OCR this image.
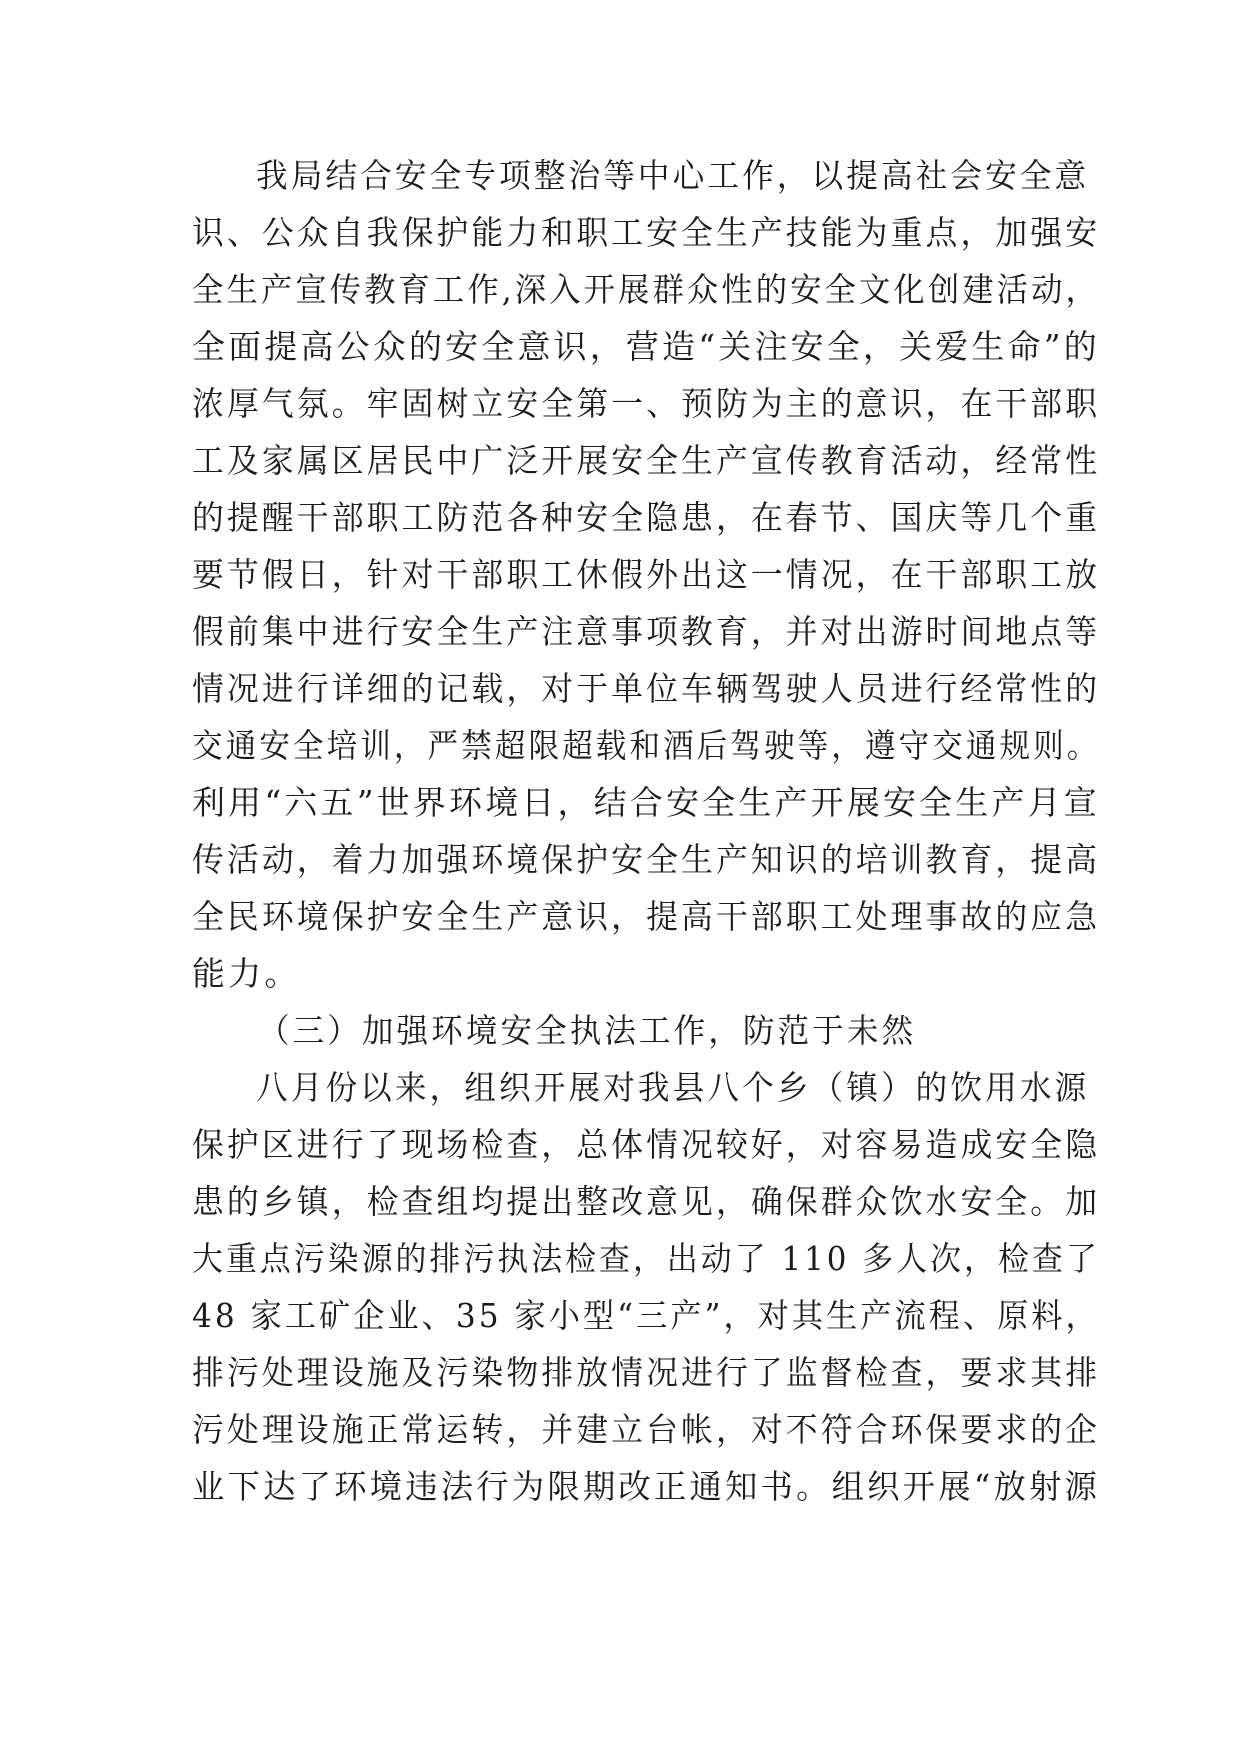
我局结合安全专项整治等中心工作，以提高社会安全意
识、公众自我保护能力和职工安全生产技能为重点，加强安
全生产宣传教育工作,深入开展群众性的安全文化创建活动，
全面提高公众的安全意识，营造“关注安全，关爱生命”的
浓厚气氛。牢固树立安全第一、预防为主的意识，在干部职
工及家属区居民中广泛开展安全生产宣传教育活动，经常性
的提醒干部职工防范各种安全隐患，在春节、国庆等几个重
要节假日，针对干部职工休假外出这一情况，在干部职工放
假前集中进行安全生产注意事项教育，并对出游时间地点等
情况进行详细的记载，对于单位车辆驾驶人员进行经常性的
交通安全培训，严禁超限超载和酒后驾驶等，遵守交通规则。
利用“六五”世界环境日，结合安全生产开展安全生产月宣
传活动，着力加强环境保护安全生产知识的培训教育，提高
全民环境保护安全生产意识，提高干部职工处理事故的应急
能力。
（三）加强环境安全执法工作，防范于未然
八月份以来，组织开展对我县八个乡（镇）的饮用水源
保护区进行了现场检查，总体情况较好，对容易造成安全隐
患的乡镇，检查组均提出整改意见，确保群众饮水安全。加
大重点污染源的排污执法检查，出动了 110 多人次，检查了
48 家工矿企业、35 家小型“三产”，对其生产流程、原料，
排污处理设施及污染物排放情况进行了监督检查，要求其排
污处理设施正常运转，并建立台帐，对不符合环保要求的企
业下达了环境违法行为限期改正通知书。组织开展“放射源
